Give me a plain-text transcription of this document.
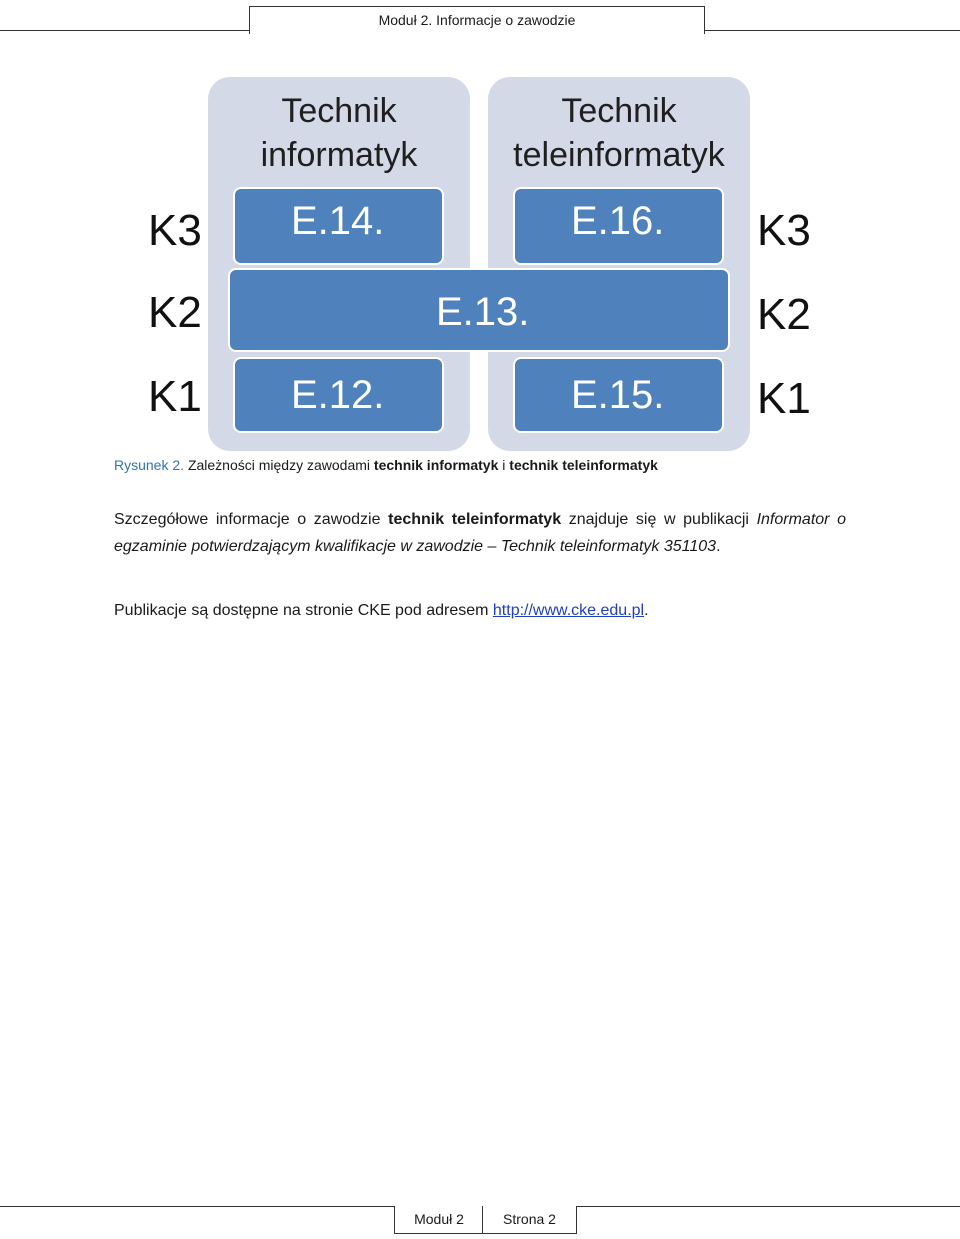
Moduł 2. Informacje o zawodzie
Technik
informatyk
Technik
teleinformatyk
E.14.	E.16.
E.13.
E.12.	E.15.
K3
K2
K1
K3
K2
K1
Rysunek 2. Zależności między zawodami technik informatyk i technik teleinformatyk
Szczegółowe informacje o zawodzie technik teleinformatyk znajduje się w publikacji Informator o egzaminie potwierdzającym kwalifikacje w zawodzie – Technik teleinformatyk 351103.
Publikacje są dostępne na stronie CKE pod adresem http://www.cke.edu.pl.
Moduł 2	Strona 2
